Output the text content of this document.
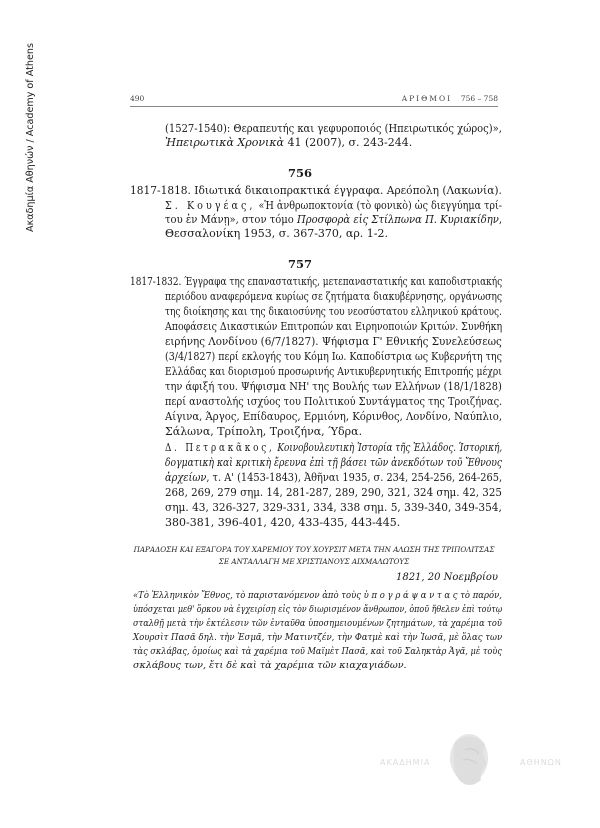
Ακαδημία Αθηνών / Academy of Athens	490	ΑΡΙΘΜΟΙ 756 – 758
(1527-1540): Θεραπευτής και γεφυροποιός (Ηπειρωτικός χώρος)»,
Ἠπειρωτικὰ Χρονικὰ 41 (2007), σ. 243-244.
756
1817-1818. Ιδιωτικά δικαιοπρακτικά έγγραφα. Αρεόπολη (Λακωνία).
Σ. Κουγέας, «Ἡ ἀνθρωποκτονία (τὸ φονικὸ) ὡς διεγγύημα τρί-
του ἐν Μάνῃ», στον τόμο Προσφορὰ εἰς Στίλπωνα Π. Κυριακίδην,
Θεσσαλονίκη 1953, σ. 367-370, αρ. 1-2.
757
1817-1832. Έγγραφα της επαναστατικής, μετεπαναστατικής και καποδιστριακής
περιόδου αναφερόμενα κυρίως σε ζητήματα διακυβέρνησης, οργάνωσης
της διοίκησης και της δικαιοσύνης του νεοσύστατου ελληνικού κράτους.
Αποφάσεις Δικαστικών Επιτροπών και Ειρηνοποιών Κριτών. Συνθήκη
ειρήνης Λονδίνου (6/7/1827). Ψήφισμα Γ' Εθνικής Συνελεύσεως
(3/4/1827) περί εκλογής του Κόμη Ιω. Καποδίστρια ως Κυβερνήτη της
Ελλάδας και διορισμού προσωρινής Αντικυβερνητικής Επιτροπής μέχρι
την άφιξή του. Ψήφισμα ΝΗ' της Βουλής των Ελλήνων (18/1/1828)
περί αναστολής ισχύος του Πολιτικού Συντάγματος της Τροιζήνας.
Αίγινα, Άργος, Επίδαυρος, Ερμιόνη, Κόρινθος, Λονδίνο, Ναύπλιο,
Σάλωνα, Τρίπολη, Τροιζήνα, Ύδρα.
Δ. Πετρακᾶκος, Κοινοβουλευτικὴ Ἱστορία τῆς Ἑλλάδος. Ἱστορική,
δογματικὴ καὶ κριτικὴ ἔρευνα ἐπὶ τῇ βάσει τῶν ἀνεκδότων τοῦ Ἔθνους
ἀρχείων, τ. Α' (1453-1843), Ἀθῆναι 1935, σ. 234, 254-256, 264-265,
268, 269, 279 σημ. 14, 281-287, 289, 290, 321, 324 σημ. 42, 325
σημ. 43, 326-327, 329-331, 334, 338 σημ. 5, 339-340, 349-354,
380-381, 396-401, 420, 433-435, 443-445.
ΠΑΡΑΔΟΣΗ ΚΑΙ ΕΞΑΓΟΡΑ ΤΟΥ ΧΑΡΕΜΙΟΥ ΤΟΥ ΧΟΥΡΣΙΤ ΜΕΤΑ ΤΗΝ ΑΛΩΣΗ ΤΗΣ ΤΡΙΠΟΛΙΤΣΑΣ
ΣΕ ΑΝΤΑΛΛΑΓΗ ΜΕ ΧΡΙΣΤΙΑΝΟΥΣ ΑΙΧΜΑΛΩΤΟΥΣ
1821, 20 Νοεμβρίου
«Τὸ Ἑλληνικὸν Ἔθνος, τὸ παριστανόμενον ἀπὸ τοὺς ὑ π ο γ ρ ά ψ α ν τ α ς τὸ παρόν,
ὑπόσχεται μεθ' ὅρκου νὰ ἐγχειρίσῃ εἰς τὸν διωρισμένον ἄνθρωπον, ὁποῦ ἤθελεν ἐπὶ τούτῳ
σταλθῇ μετὰ τὴν ἐκτέλεσιν τῶν ἐνταῦθα ὑποσημειουμένων ζητημάτων, τὰ χαρέμια τοῦ
Χουρσὶτ Πασᾶ δηλ. τὴν Ἐσμᾶ, τὴν Ματιντζέν, τὴν Φατμὲ καὶ τὴν Ἰωσᾶ, μὲ ὅλας των
τὰς σκλάβας, ὁμοίως καὶ τὰ χαρέμια τοῦ Μαϊμὲτ Πασᾶ, καὶ τοῦ Σαληκτὰρ Ἀγᾶ, μὲ τοὺς
σκλάβους των, ἔτι δὲ καὶ τὰ χαρέμια τῶν κιαχαγιάδων.
ΑΚΑΔΗΜΙΑ	ΑΘΗΝΩΝ
